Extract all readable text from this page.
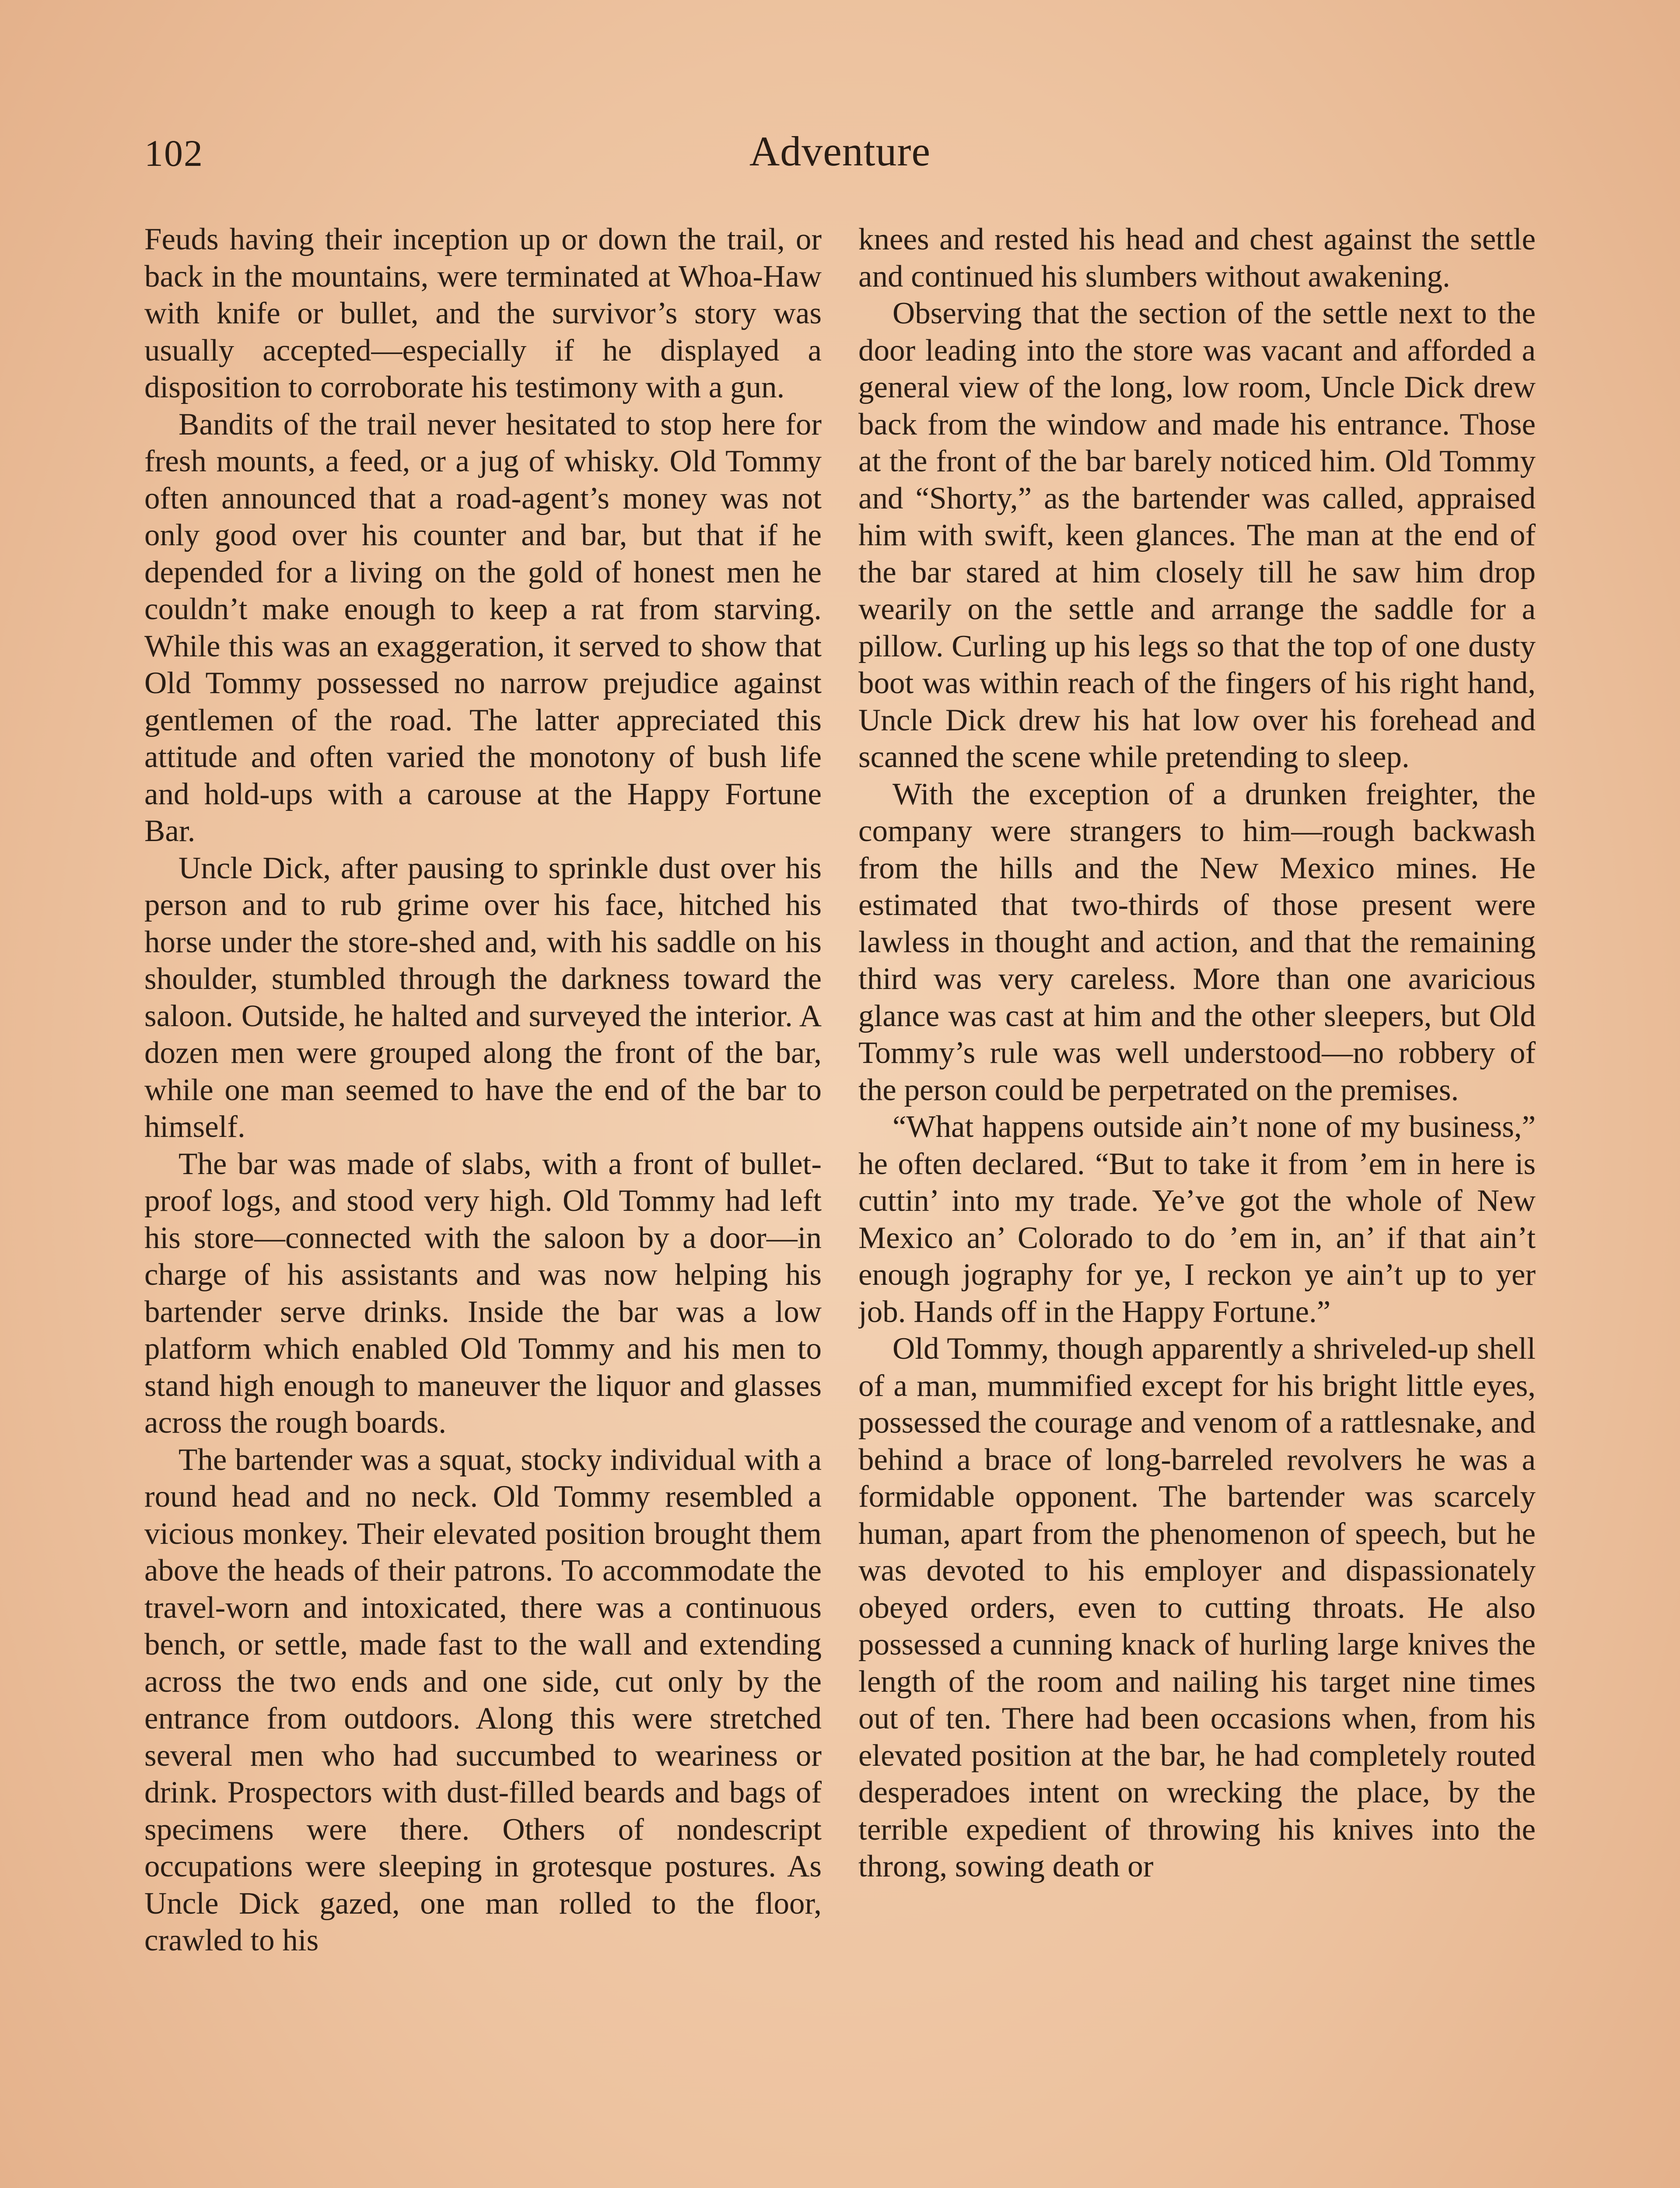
102	Adventure

Feuds having their inception up or down the trail, or back in the mountains, were terminated at Whoa-Haw with knife or bullet, and the survivor’s story was usually accepted—especially if he displayed a disposition to corroborate his testimony with a gun.

Bandits of the trail never hesitated to stop here for fresh mounts, a feed, or a jug of whisky. Old Tommy often announced that a road-agent’s money was not only good over his counter and bar, but that if he depended for a living on the gold of honest men he couldn’t make enough to keep a rat from starving. While this was an exaggeration, it served to show that Old Tommy possessed no narrow prejudice against gentlemen of the road. The latter appreciated this attitude and often varied the monotony of bush life and hold-ups with a carouse at the Happy Fortune Bar.

Uncle Dick, after pausing to sprinkle dust over his person and to rub grime over his face, hitched his horse under the store-shed and, with his saddle on his shoulder, stumbled through the darkness toward the saloon. Outside, he halted and surveyed the interior. A dozen men were grouped along the front of the bar, while one man seemed to have the end of the bar to himself.

The bar was made of slabs, with a front of bullet-proof logs, and stood very high. Old Tommy had left his store—connected with the saloon by a door—in charge of his assistants and was now helping his bartender serve drinks. Inside the bar was a low platform which enabled Old Tommy and his men to stand high enough to maneuver the liquor and glasses across the rough boards.

The bartender was a squat, stocky individual with a round head and no neck. Old Tommy resembled a vicious monkey. Their elevated position brought them above the heads of their patrons. To accommodate the travel-worn and intoxicated, there was a continuous bench, or settle, made fast to the wall and extending across the two ends and one side, cut only by the entrance from outdoors. Along this were stretched several men who had succumbed to weariness or drink. Prospectors with dust-filled beards and bags of specimens were there. Others of nondescript occupations were sleeping in grotesque postures. As Uncle Dick gazed, one man rolled to the floor, crawled to his

knees and rested his head and chest against the settle and continued his slumbers without awakening.

Observing that the section of the settle next to the door leading into the store was vacant and afforded a general view of the long, low room, Uncle Dick drew back from the window and made his entrance. Those at the front of the bar barely noticed him. Old Tommy and “Shorty,” as the bartender was called, appraised him with swift, keen glances. The man at the end of the bar stared at him closely till he saw him drop wearily on the settle and arrange the saddle for a pillow. Curling up his legs so that the top of one dusty boot was within reach of the fingers of his right hand, Uncle Dick drew his hat low over his forehead and scanned the scene while pretending to sleep.

With the exception of a drunken freighter, the company were strangers to him—rough backwash from the hills and the New Mexico mines. He estimated that two-thirds of those present were lawless in thought and action, and that the remaining third was very careless. More than one avaricious glance was cast at him and the other sleepers, but Old Tommy’s rule was well understood—no robbery of the person could be perpetrated on the premises.

“What happens outside ain’t none of my business,” he often declared. “But to take it from ’em in here is cuttin’ into my trade. Ye’ve got the whole of New Mexico an’ Colorado to do ’em in, an’ if that ain’t enough jography for ye, I reckon ye ain’t up to yer job. Hands off in the Happy Fortune.”

Old Tommy, though apparently a shriveled-up shell of a man, mummified except for his bright little eyes, possessed the courage and venom of a rattlesnake, and behind a brace of long-barreled revolvers he was a formidable opponent. The bartender was scarcely human, apart from the phenomenon of speech, but he was devoted to his employer and dispassionately obeyed orders, even to cutting throats. He also possessed a cunning knack of hurling large knives the length of the room and nailing his target nine times out of ten. There had been occasions when, from his elevated position at the bar, he had completely routed desperadoes intent on wrecking the place, by the terrible expedient of throwing his knives into the throng, sowing death or
